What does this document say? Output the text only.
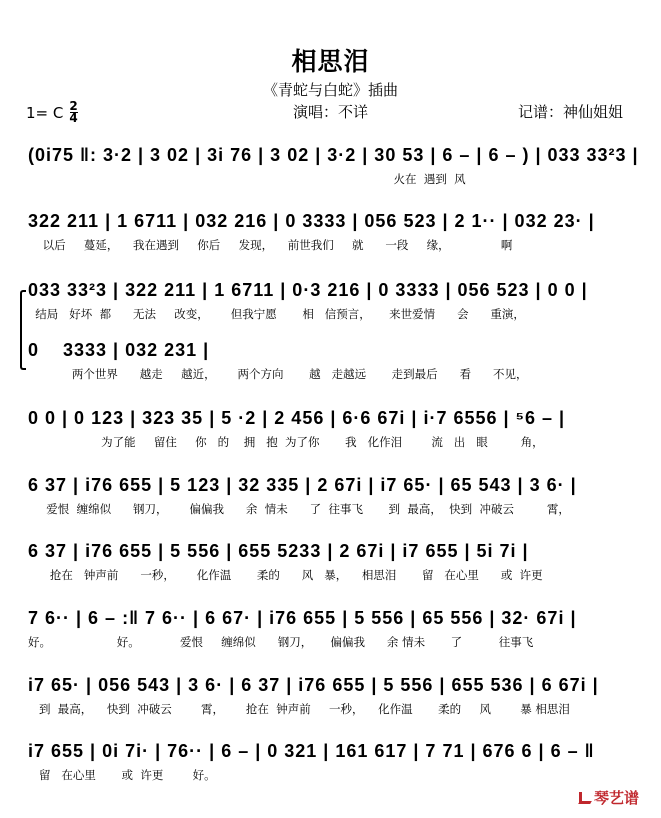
相思泪
《青蛇与白蛇》插曲
1= C 2
4	演唱：不详	记谱：神仙姐姐
(0i75 ‖: 3·2 | 3 02 | 3i 76 | 3 02 | 3·2 | 30 53 | 6 – | 6 – ) | 033 33²3 |
火在  遇到  风
322 211 | 1 6711 | 032 216 | 0 3333 | 056 523 | 2 1·· | 032 23· |
以后     蔓延，    我在遇到     你后     发现，    前世我们     就      一段     缘，              啊
033 33²3 | 322 211 | 1 6711 | 0·3 216 | 0 3333 | 056 523 | 0 0 |
结局   好坏  都      无法     改变，      但我宁愿       相   信预言，     来世爱情      会      重演，
0    3333 | 032 231 |
两个世界      越走     越近，      两个方向       越   走越远       走到最后      看      不见，
0 0 | 0 123 | 323 35 | 5 ·2 | 2 456 | 6·6 67i | i·7 6556 | ⁵6 – |
为了能     留住     你   的    拥   抱  为了你       我   化作泪        流   出   眼         角，
6 37 | i76 655 | 5 123 | 32 335 | 2 67i | i7 65· | 65 543 | 3 6· |
爱恨  缠绵似      钢刀，      偏偏我      余  情未      了  往事飞       到  最高，  快到  冲破云         霄，
6 37 | i76 655 | 5 556 | 655 5233 | 2 67i | i7 655 | 5i 7i |
抢在   钟声前      一秒，      化作温       柔的      风   暴，    相思泪       留   在心里      或  许更
7 6·· | 6 – :‖ 7 6·· | 6 67· | i76 655 | 5 556 | 65 556 | 32· 67i |
好。                  好。           爱恨     缠绵似      钢刀，     偏偏我      余 情未       了          往事飞
i7 65· | 056 543 | 3 6· | 6 37 | i76 655 | 5 556 | 655 536 | 6 67i |
到  最高，    快到  冲破云        霄，      抢在  钟声前     一秒，    化作温       柔的     风        暴 相思泪
i7 655 | 0i 7i· | 76·· | 6 – | 0 321 | 161 617 | 7 71 | 676 6 | 6 – ‖
留   在心里       或  许更        好。
琴艺谱
